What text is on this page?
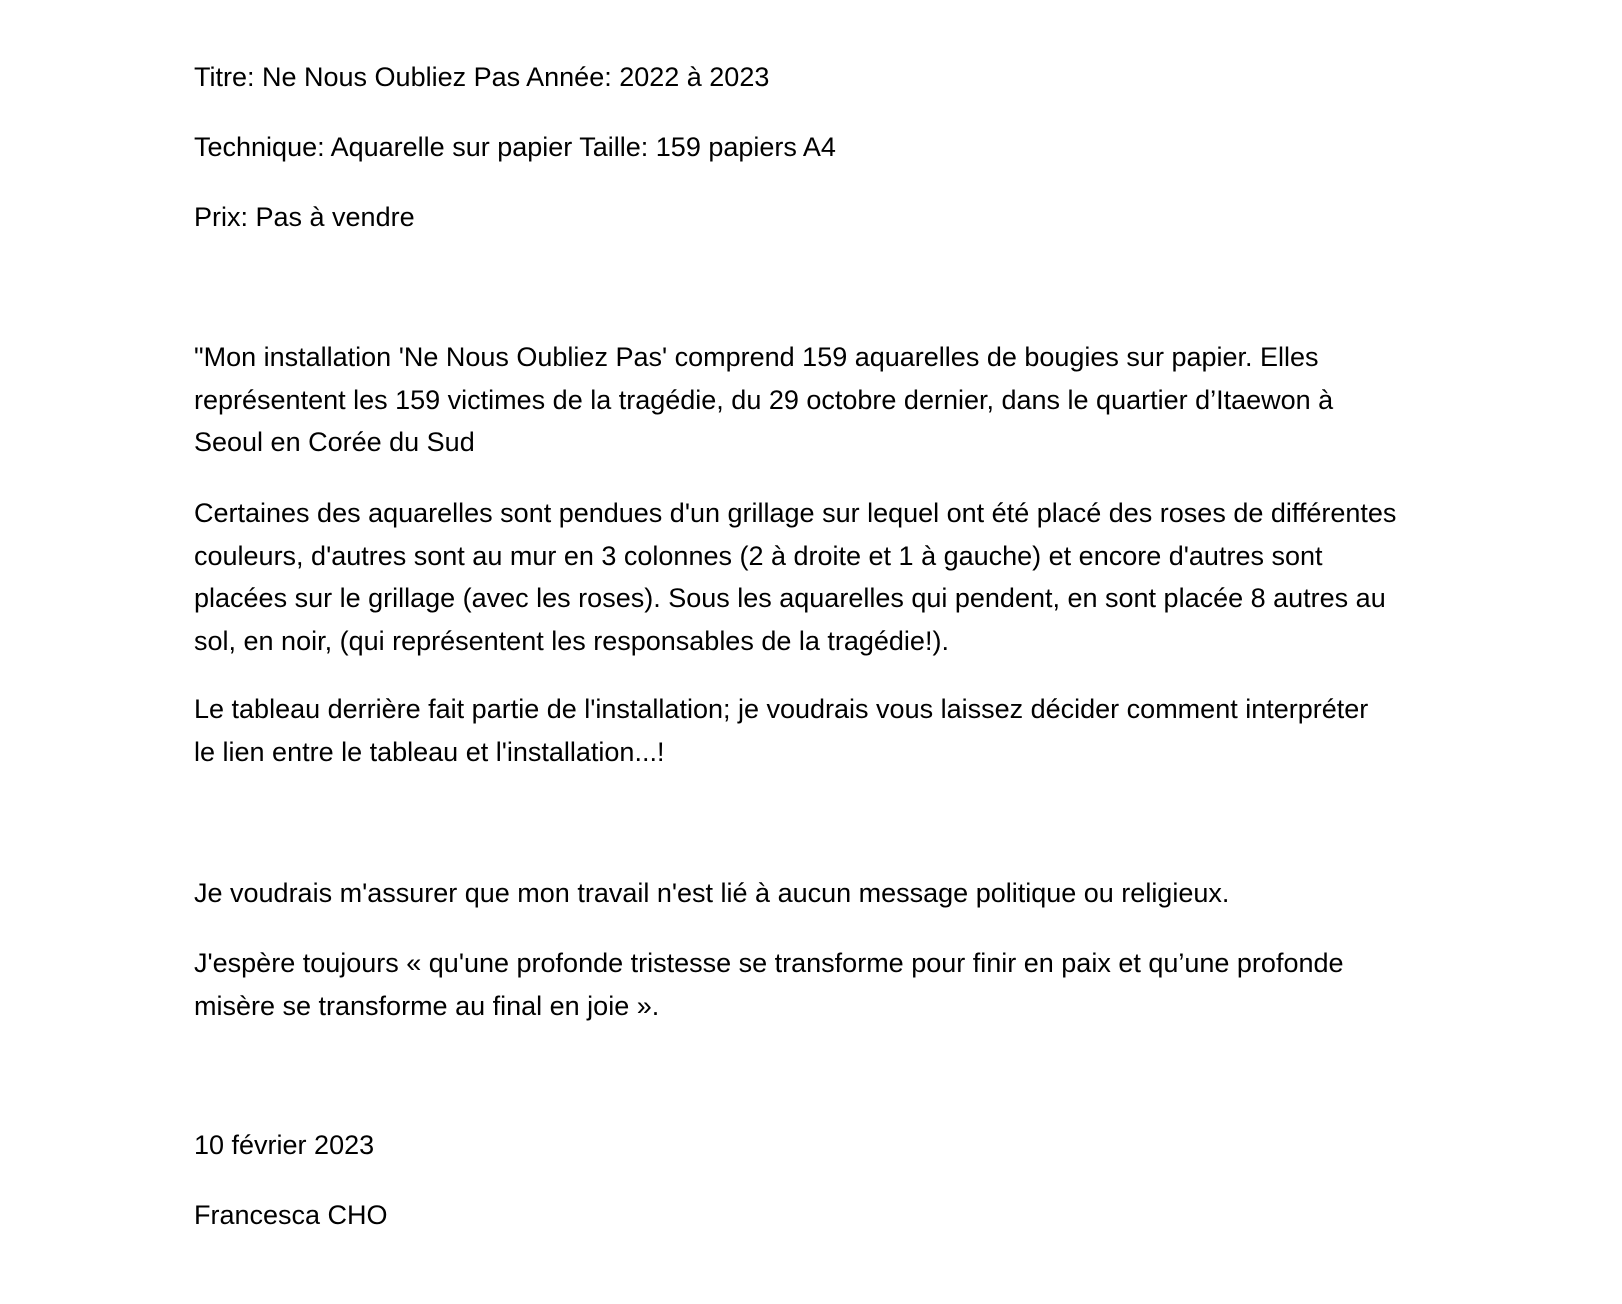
Titre: Ne Nous Oubliez Pas Année: 2022 à 2023

Technique: Aquarelle sur papier Taille: 159 papiers A4

Prix: Pas à vendre

"Mon installation 'Ne Nous Oubliez Pas' comprend 159 aquarelles de bougies sur papier. Elles
représentent les 159 victimes de la tragédie, du 29 octobre dernier, dans le quartier d’Itaewon à
Seoul en Corée du Sud
Certaines des aquarelles sont pendues d'un grillage sur lequel ont été placé des roses de différentes
couleurs, d'autres sont au mur en 3 colonnes (2 à droite et 1 à gauche) et encore d'autres sont
placées sur le grillage (avec les roses). Sous les aquarelles qui pendent, en sont placée 8 autres au
sol, en noir, (qui représentent les responsables de la tragédie!).
Le tableau derrière fait partie de l'installation; je voudrais vous laissez décider comment interpréter
le lien entre le tableau et l'installation...!
Je voudrais m'assurer que mon travail n'est lié à aucun message politique ou religieux.
J'espère toujours « qu'une profonde tristesse se transforme pour finir en paix et qu’une profonde
misère se transforme au final en joie ».

10 février 2023

Francesca CHO
